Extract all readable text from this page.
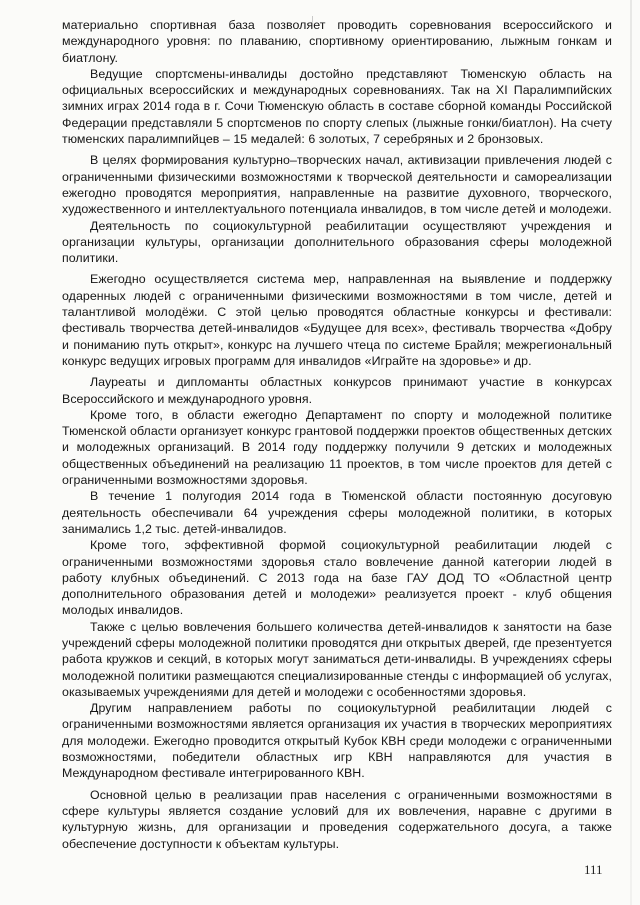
материально спортивная база позволяет проводить соревнования всероссийского и международного уровня: по плаванию, спортивному ориентированию, лыжным гонкам и биатлону.

Ведущие спортсмены-инвалиды достойно представляют Тюменскую область на официальных всероссийских и международных соревнованиях. Так на XI Паралимпийских зимних играх 2014 года в г. Сочи Тюменскую область в составе сборной команды Российской Федерации представляли 5 спортсменов по спорту слепых (лыжные гонки/биатлон). На счету тюменских паралимпийцев – 15 медалей: 6 золотых, 7 серебряных и 2 бронзовых.

В целях формирования культурно–творческих начал, активизации привлечения людей с ограниченными физическими возможностями к творческой деятельности и самореализации ежегодно проводятся мероприятия, направленные на развитие духовного, творческого, художественного и интеллектуального потенциала инвалидов, в том числе детей и молодежи.

Деятельность по социокультурной реабилитации осуществляют учреждения и организации культуры, организации дополнительного образования сферы молодежной политики.

Ежегодно осуществляется система мер, направленная на выявление и поддержку одаренных людей с ограниченными физическими возможностями в том числе, детей и талантливой молодёжи. С этой целью проводятся областные конкурсы и фестивали: фестиваль творчества детей-инвалидов «Будущее для всех», фестиваль творчества «Добру и пониманию путь открыт», конкурс на лучшего чтеца по системе Брайля; межрегиональный конкурс ведущих игровых программ для инвалидов «Играйте на здоровье» и др.

Лауреаты и дипломанты областных конкурсов принимают участие в конкурсах Всероссийского и международного уровня.

Кроме того, в области ежегодно Департамент по спорту и молодежной политике Тюменской области организует конкурс грантовой поддержки проектов общественных детских и молодежных организаций. В 2014 году поддержку получили 9 детских и молодежных общественных объединений на реализацию 11 проектов, в том числе проектов для детей с ограниченными возможностями здоровья.

В течение 1 полугодия 2014 года в Тюменской области постоянную досуговую деятельность обеспечивали 64 учреждения сферы молодежной политики, в которых занимались 1,2 тыс. детей-инвалидов.

Кроме того, эффективной формой социокультурной реабилитации людей с ограниченными возможностями здоровья стало вовлечение данной категории людей в работу клубных объединений. С 2013 года на базе ГАУ ДОД ТО «Областной центр дополнительного образования детей и молодежи» реализуется проект - клуб общения молодых инвалидов.

Также с целью вовлечения большего количества детей-инвалидов к занятости на базе учреждений сферы молодежной политики проводятся дни открытых дверей, где презентуется работа кружков и секций, в которых могут заниматься дети-инвалиды. В учреждениях сферы молодежной политики размещаются специализированные стенды с информацией об услугах, оказываемых учреждениями для детей и молодежи с особенностями здоровья.

Другим направлением работы по социокультурной реабилитации людей с ограниченными возможностями является организация их участия в творческих мероприятиях для молодежи. Ежегодно проводится открытый Кубок КВН среди молодежи с ограниченными возможностями, победители областных игр КВН направляются для участия в Международном фестивале интегрированного КВН.

Основной целью в реализации прав населения с ограниченными возможностями в сфере культуры является создание условий для их вовлечения, наравне с другими в культурную жизнь, для организации и проведения содержательного досуга, а также обеспечение доступности к объектам культуры.

111
